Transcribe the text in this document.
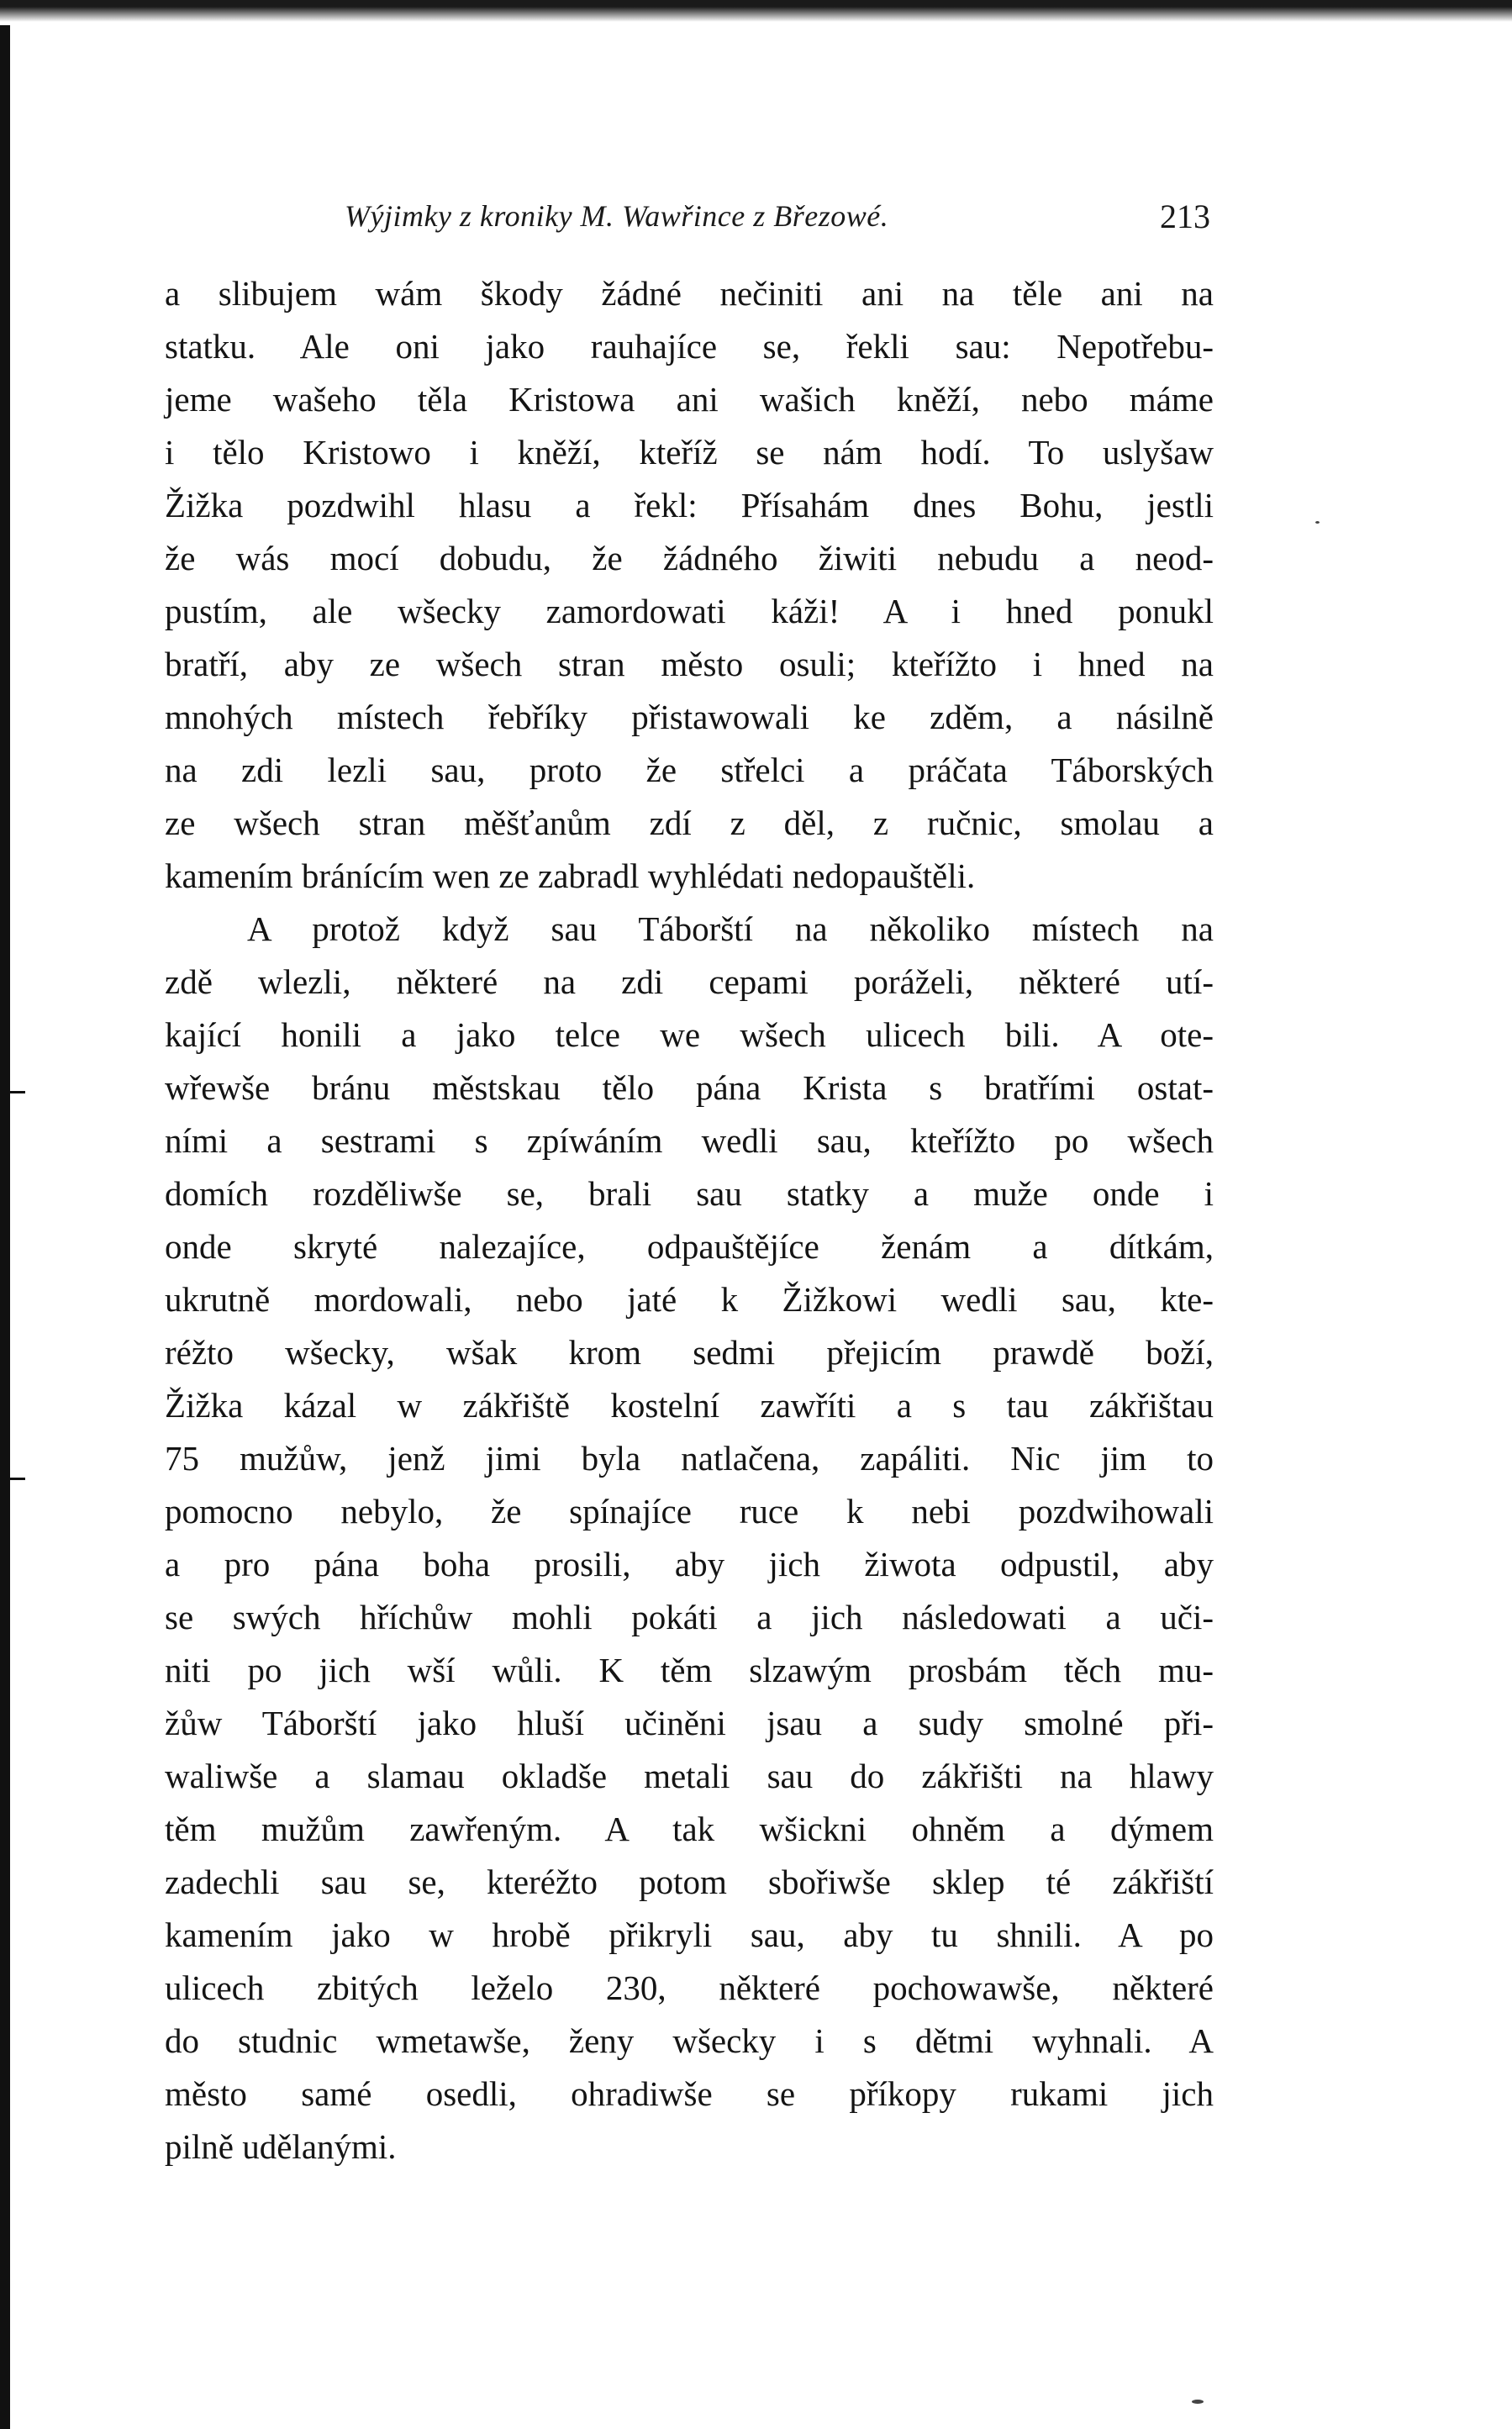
Wýjimky z kroniky M. Wawřince z Březowé.	213
a slibujem wám škody žádné nečiniti ani na těle ani na
statku. Ale oni jako rauhajíce se, řekli sau: Nepotřebu-
jeme wašeho těla Kristowa ani wašich kněží, nebo máme
i tělo Kristowo i kněží, kteříž se nám hodí. To uslyšaw
Žižka pozdwihl hlasu a řekl: Přísahám dnes Bohu, jestli
že wás mocí dobudu, že žádného žiwiti nebudu a neod-
pustím, ale wšecky zamordowati káži! A i hned ponukl
bratří, aby ze wšech stran město osuli; kteřížto i hned na
mnohých místech řebříky přistawowali ke zděm, a násilně
na zdi lezli sau, proto že střelci a práčata Táborských
ze wšech stran měšťanům zdí z děl, z ručnic, smolau a
kamením bránícím wen ze zabradl wyhlédati nedopauštěli.
A protož když sau Táborští na několiko místech na
zdě wlezli, některé na zdi cepami poráželi, některé utí-
kající honili a jako telce we wšech ulicech bili. A ote-
wřewše bránu městskau tělo pána Krista s bratřími ostat-
ními a sestrami s zpíwáním wedli sau, kteřížto po wšech
domích rozděliwše se, brali sau statky a muže onde i
onde skryté nalezajíce, odpauštějíce ženám a dítkám,
ukrutně mordowali, nebo jaté k Žižkowi wedli sau, kte-
réžto wšecky, wšak krom sedmi přejicím prawdě boží,
Žižka kázal w zákřiště kostelní zawříti a s tau zákřištau
75 mužůw, jenž jimi byla natlačena, zapáliti. Nic jim to
pomocno nebylo, že spínajíce ruce k nebi pozdwihowali
a pro pána boha prosili, aby jich žiwota odpustil, aby
se swých hříchůw mohli pokáti a jich následowati a uči-
niti po jich wší wůli. K těm slzawým prosbám těch mu-
žůw Táborští jako hluší učiněni jsau a sudy smolné při-
waliwše a slamau okladše metali sau do zákřišti na hlawy
těm mužům zawřeným. A tak wšickni ohněm a dýmem
zadechli sau se, kteréžto potom sbořiwše sklep té zákřiští
kamením jako w hrobě přikryli sau, aby tu shnili. A po
ulicech zbitých leželo 230, některé pochowawše, některé
do studnic wmetawše, ženy wšecky i s dětmi wyhnali. A
město samé osedli, ohradiwše se příkopy rukami jich
pilně udělanými.
